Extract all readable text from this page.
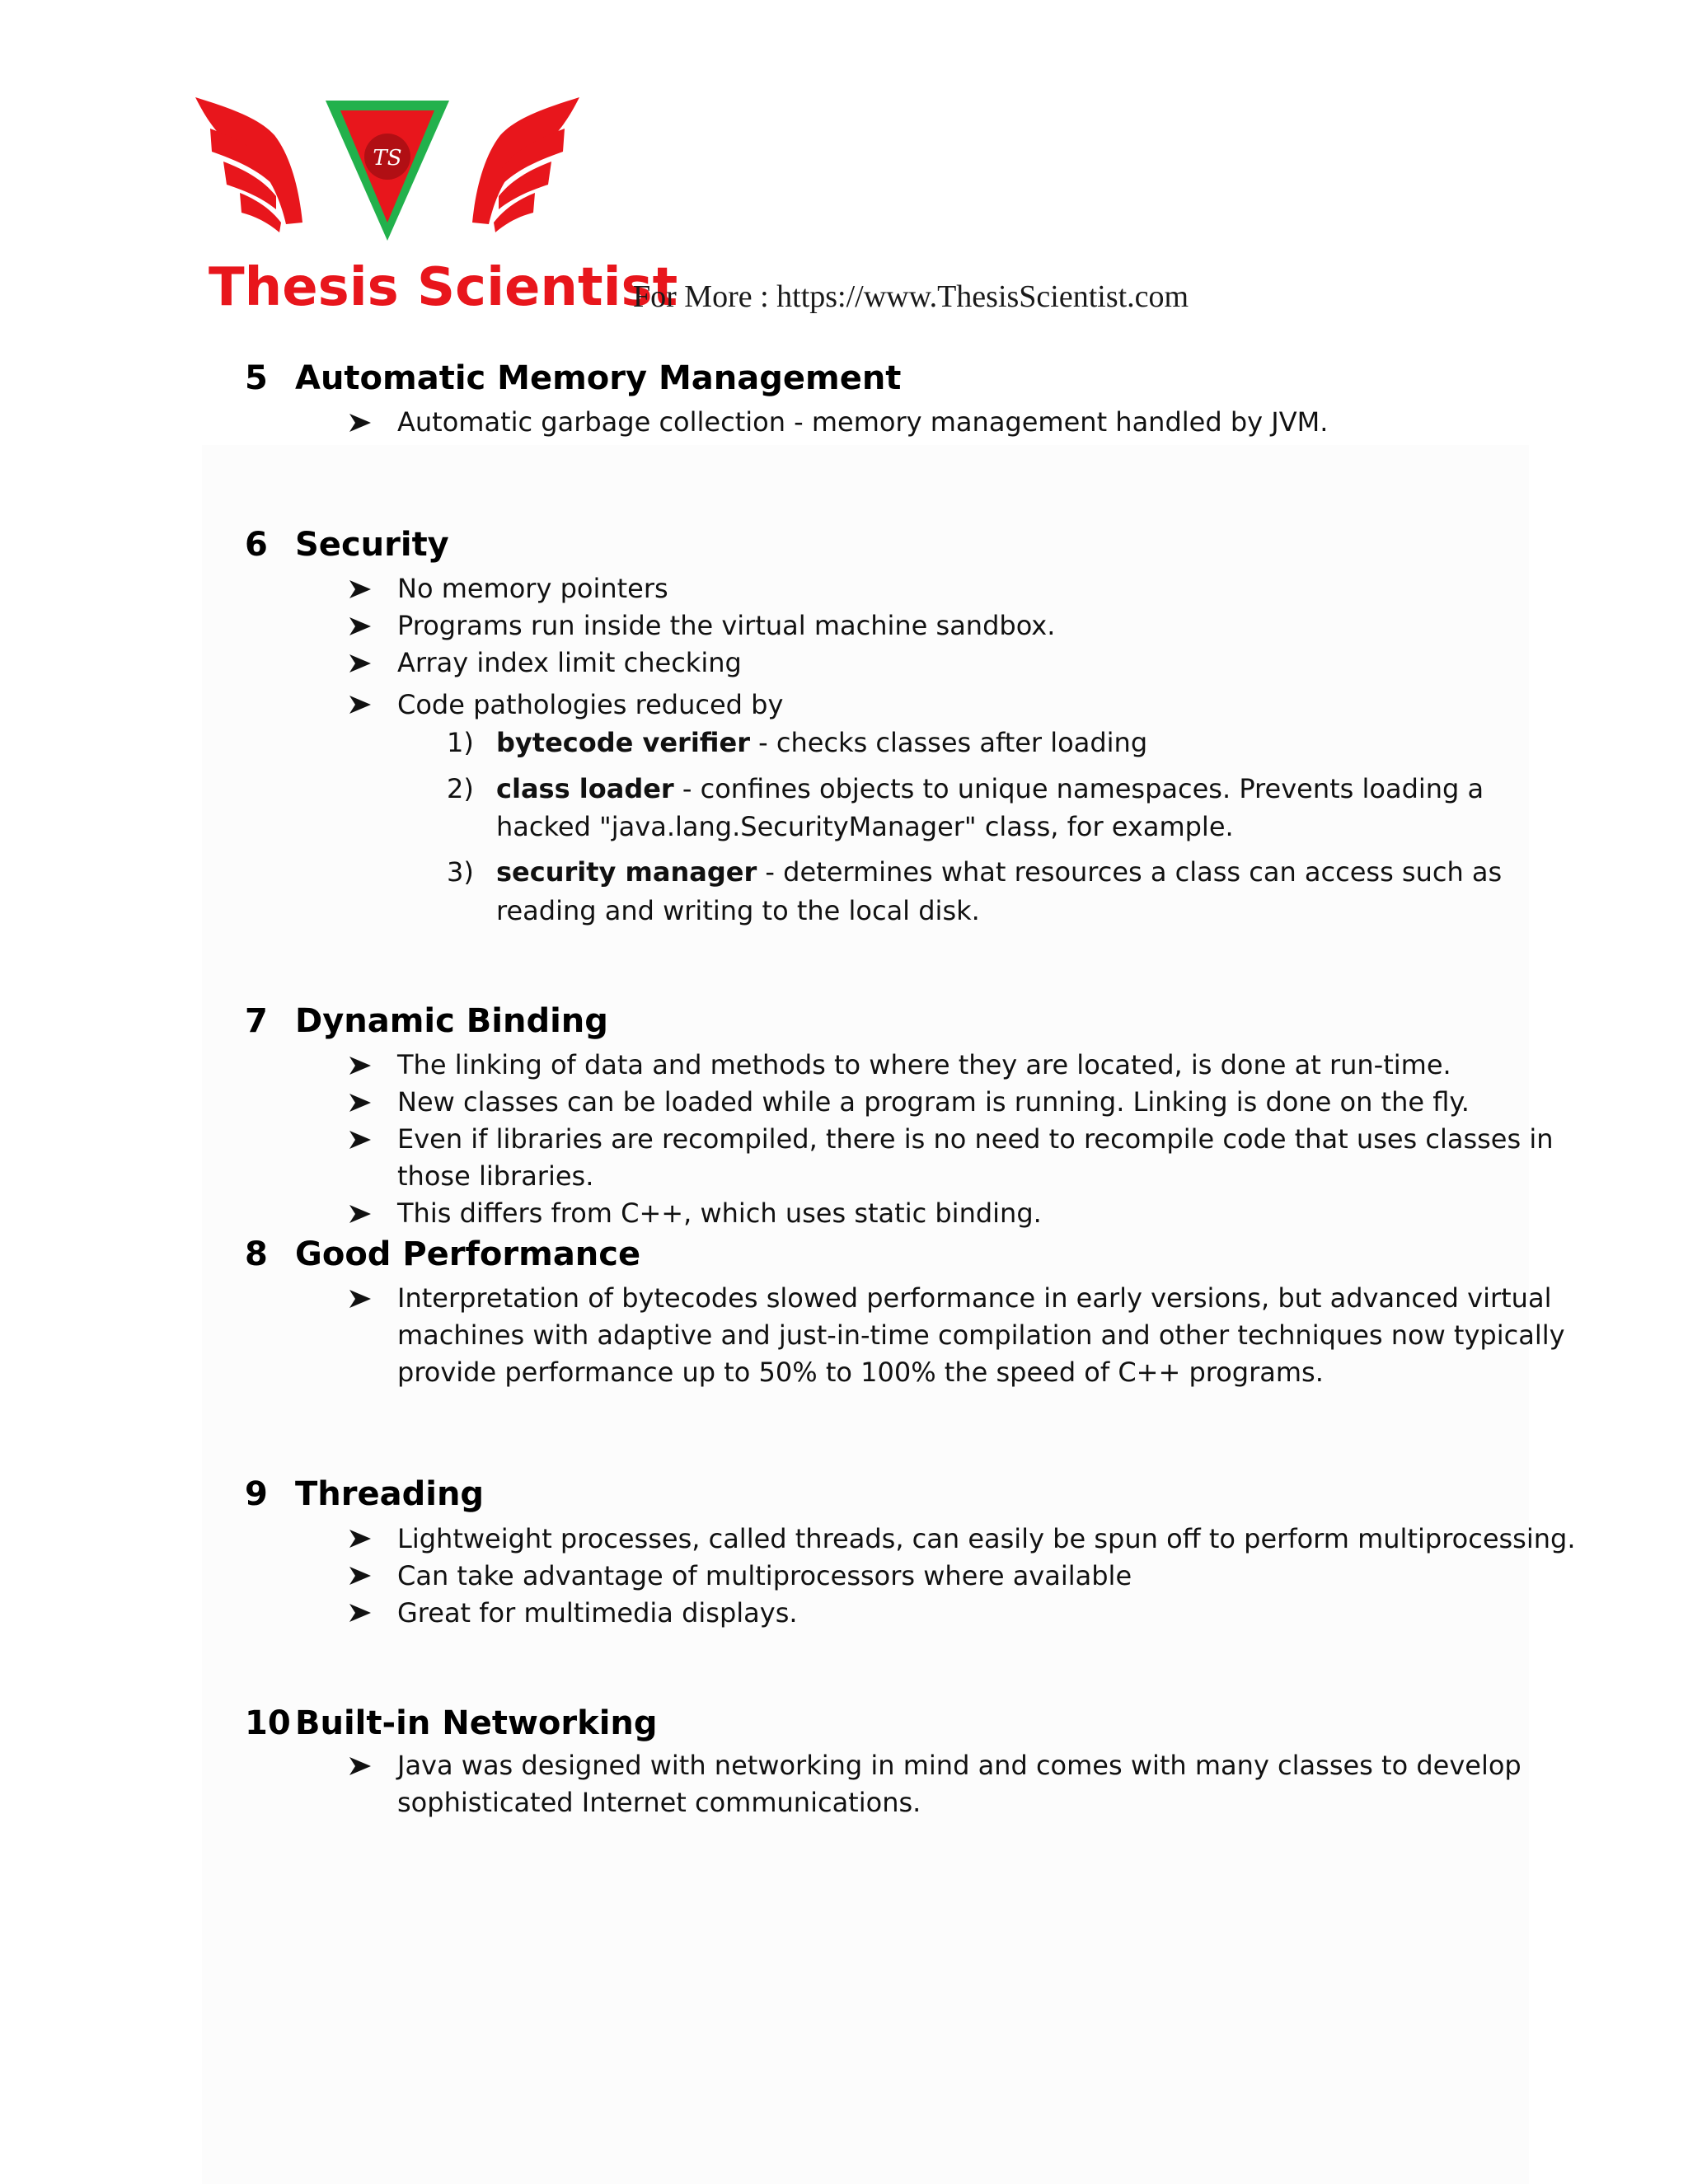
TS
Thesis Scientist
For More : https://www.ThesisScientist.com
5 Automatic Memory Management
Automatic garbage collection - memory management handled by JVM.
6 Security
No memory pointers
Programs run inside the virtual machine sandbox.
Array index limit checking
Code pathologies reduced by
1) bytecode verifier - checks classes after loading
2) class loader - confines objects to unique namespaces. Prevents loading a
hacked "java.lang.SecurityManager" class, for example.
3) security manager - determines what resources a class can access such as
reading and writing to the local disk.
7 Dynamic Binding
The linking of data and methods to where they are located, is done at run-time.
New classes can be loaded while a program is running. Linking is done on the fly.
Even if libraries are recompiled, there is no need to recompile code that uses classes in
those libraries.
This differs from C++, which uses static binding.
8 Good Performance
Interpretation of bytecodes slowed performance in early versions, but advanced virtual
machines with adaptive and just-in-time compilation and other techniques now typically
provide performance up to 50% to 100% the speed of C++ programs.
9 Threading
Lightweight processes, called threads, can easily be spun off to perform multiprocessing.
Can take advantage of multiprocessors where available
Great for multimedia displays.
10 Built-in Networking
Java was designed with networking in mind and comes with many classes to develop
sophisticated Internet communications.
